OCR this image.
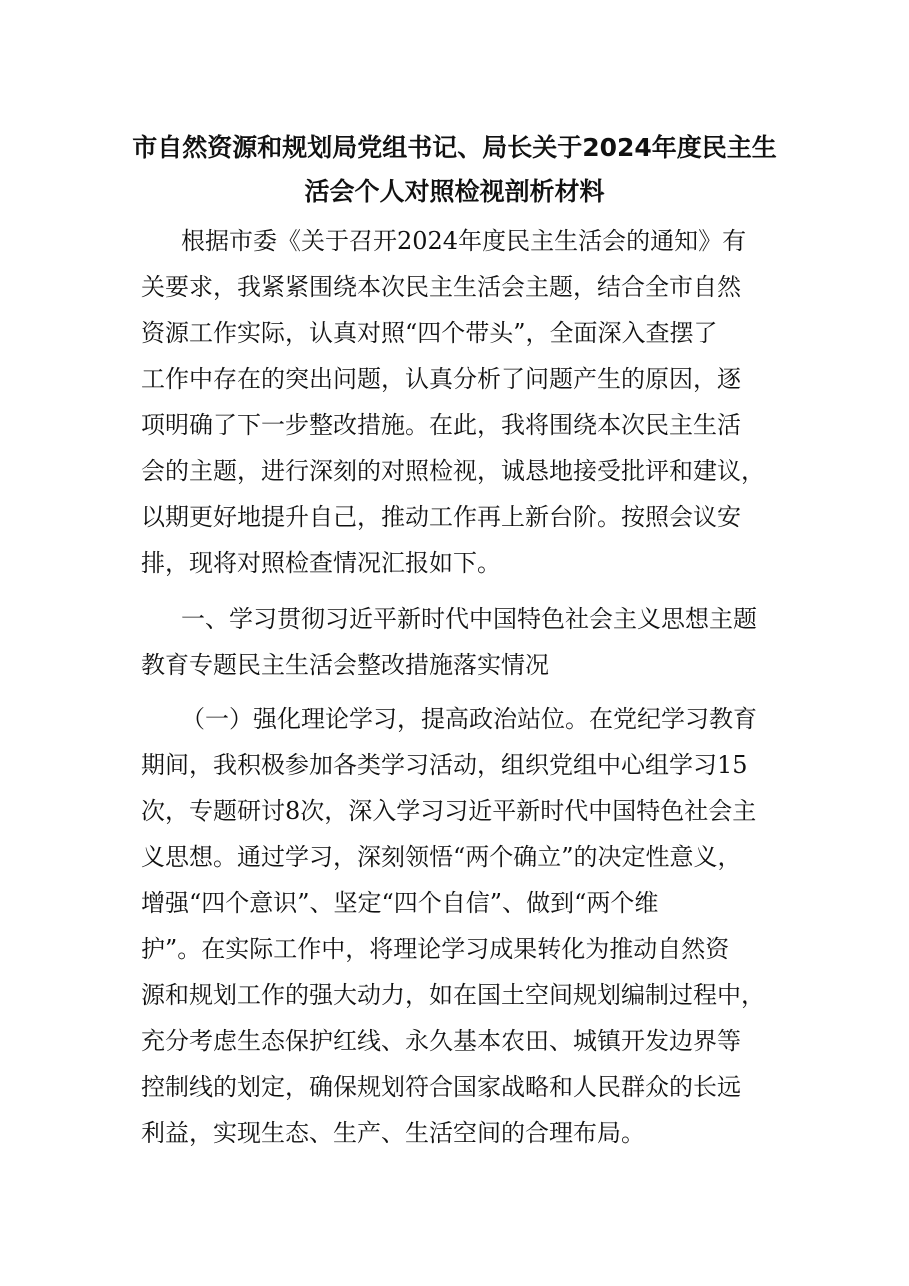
市自然资源和规划局党组书记、局长关于2024年度民主生
活会个人对照检视剖析材料
根据市委《关于召开2024年度民主生活会的通知》有
关要求，我紧紧围绕本次民主生活会主题，结合全市自然
资源工作实际，认真对照“四个带头”，全面深入查摆了
工作中存在的突出问题，认真分析了问题产生的原因，逐
项明确了下一步整改措施。在此，我将围绕本次民主生活
会的主题，进行深刻的对照检视，诚恳地接受批评和建议，
以期更好地提升自己，推动工作再上新台阶。按照会议安
排，现将对照检查情况汇报如下。
一、学习贯彻习近平新时代中国特色社会主义思想主题
教育专题民主生活会整改措施落实情况
（一）强化理论学习，提高政治站位。在党纪学习教育
期间，我积极参加各类学习活动，组织党组中心组学习15
次，专题研讨8次，深入学习习近平新时代中国特色社会主
义思想。通过学习，深刻领悟“两个确立”的决定性意义，
增强“四个意识”、坚定“四个自信”、做到“两个维
护”。在实际工作中，将理论学习成果转化为推动自然资
源和规划工作的强大动力，如在国土空间规划编制过程中，
充分考虑生态保护红线、永久基本农田、城镇开发边界等
控制线的划定，确保规划符合国家战略和人民群众的长远
利益，实现生态、生产、生活空间的合理布局。
